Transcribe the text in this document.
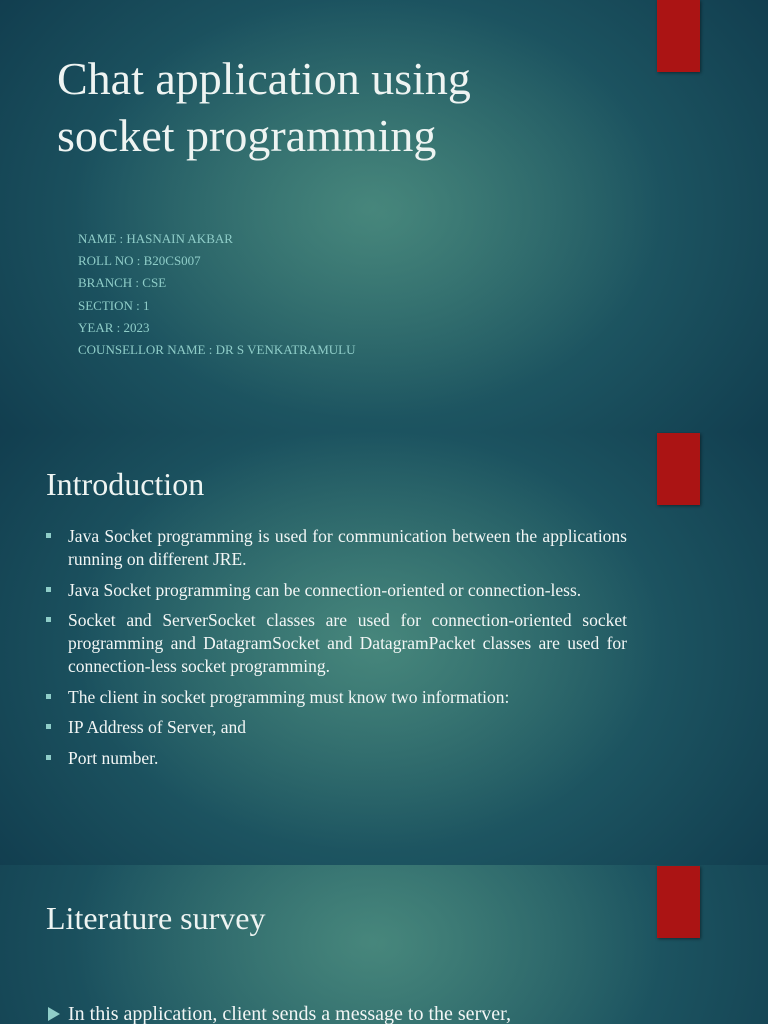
Chat application using
socket programming
NAME : HASNAIN AKBAR
ROLL NO : B20CS007
BRANCH : CSE
SECTION : 1
YEAR : 2023
COUNSELLOR NAME : DR S VENKATRAMULU
Introduction
Java Socket programming is used for communication between the applications running on different JRE.
Java Socket programming can be connection-oriented or connection-less.
Socket and ServerSocket classes are used for connection-oriented socket programming and DatagramSocket and DatagramPacket classes are used for connection-less socket programming.
The client in socket programming must know two information:
IP Address of Server, and
Port number.
Literature survey
In this application, client sends a message to the server,
